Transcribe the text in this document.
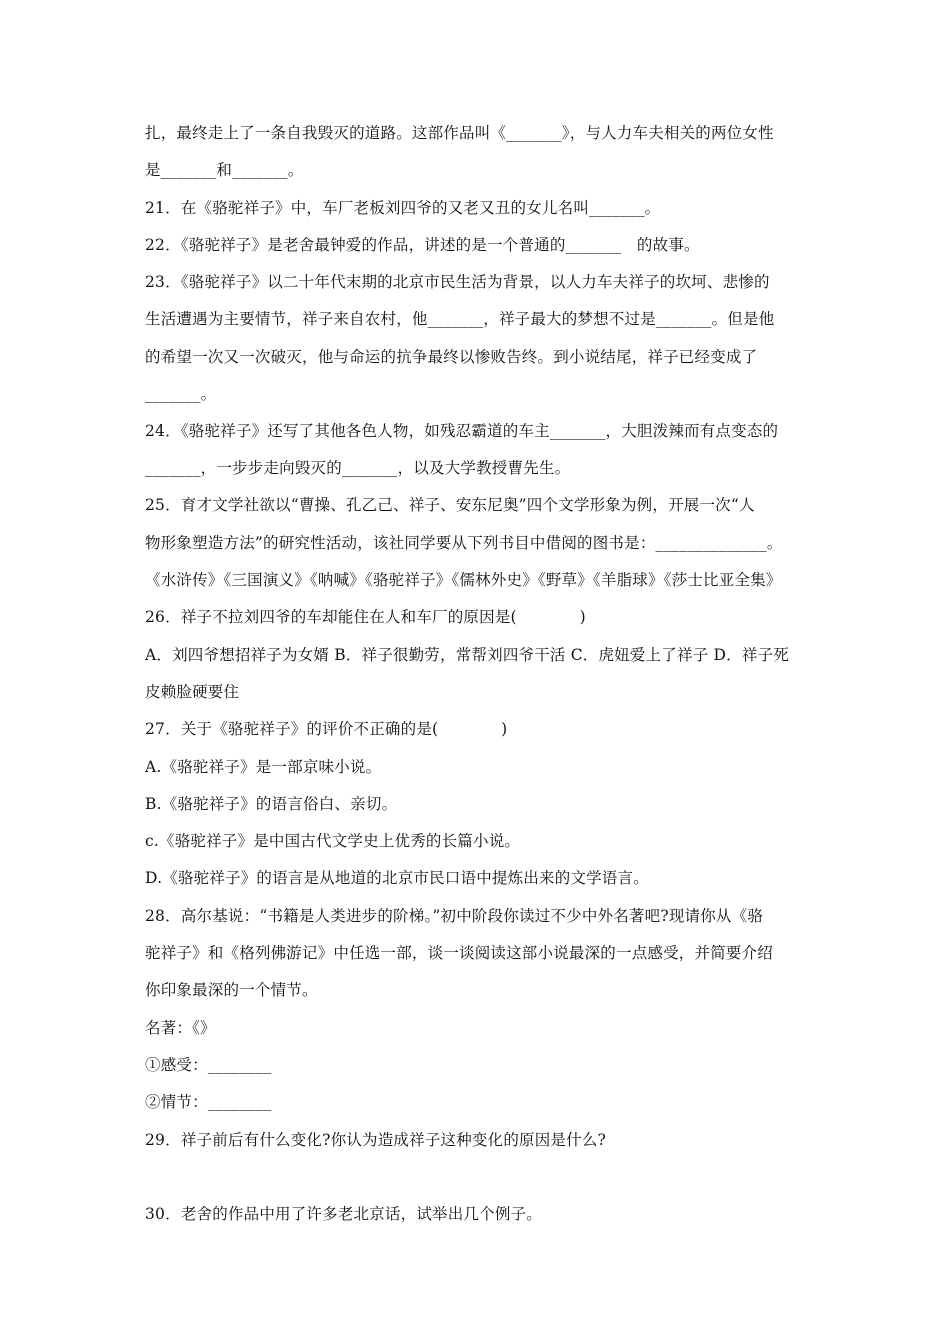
扎，最终走上了一条自我毁灭的道路。这部作品叫《_______》，与人力车夫相关的两位女性
是_______和_______。
21．在《骆驼祥子》中，车厂老板刘四爷的又老又丑的女儿名叫_______。
22．《骆驼祥子》是老舍最钟爱的作品，讲述的是一个普通的_______　的故事。
23．《骆驼祥子》以二十年代末期的北京市民生活为背景，以人力车夫祥子的坎坷、悲惨的
生活遭遇为主要情节，祥子来自农村，他_______，祥子最大的梦想不过是_______。但是他
的希望一次又一次破灭，他与命运的抗争最终以惨败告终。到小说结尾，祥子已经变成了
_______。
24．《骆驼祥子》还写了其他各色人物，如残忍霸道的车主_______，大胆泼辣而有点变态的
_______，一步步走向毁灭的_______，以及大学教授曹先生。
25．育才文学社欲以“曹操、孔乙己、祥子、安东尼奥”四个文学形象为例，开展一次“人
物形象塑造方法”的研究性活动，该社同学要从下列书目中借阅的图书是：______________。
《水浒传》《三国演义》《呐喊》《骆驼祥子》《儒林外史》《野草》《羊脂球》《莎士比亚全集》
26．祥子不拉刘四爷的车却能住在人和车厂的原因是(　　　　)
A．刘四爷想招祥子为女婿 B．祥子很勤劳，常帮刘四爷干活 C．虎妞爱上了祥子 D．祥子死
皮赖脸硬要住
27．关于《骆驼祥子》的评价不正确的是(　　　　)
A.《骆驼祥子》是一部京味小说。
B.《骆驼祥子》的语言俗白、亲切。
c.《骆驼祥子》是中国古代文学史上优秀的长篇小说。
D.《骆驼祥子》的语言是从地道的北京市民口语中提炼出来的文学语言。
28．高尔基说：“书籍是人类进步的阶梯。”初中阶段你读过不少中外名著吧?现请你从《骆
驼祥子》和《格列佛游记》中任选一部，谈一谈阅读这部小说最深的一点感受，并简要介绍
你印象最深的一个情节。
名著：《》
①感受：________
②情节：________
29．祥子前后有什么变化?你认为造成祥子这种变化的原因是什么?
30．老舍的作品中用了许多老北京话，试举出几个例子。
